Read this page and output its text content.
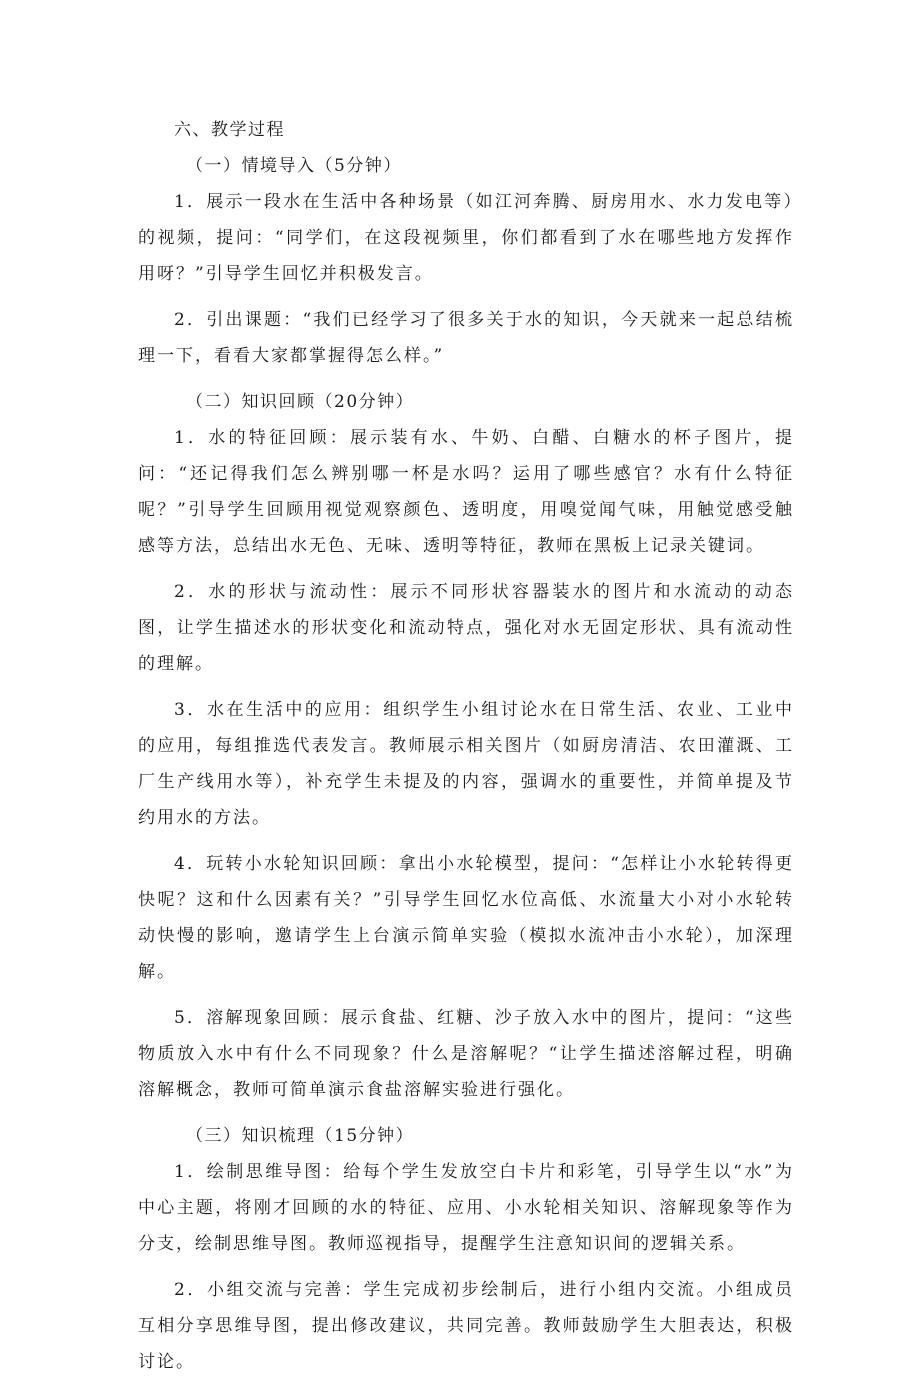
六、教学过程
（一）情境导入（5分钟）

1．展示一段水在生活中各种场景（如江河奔腾、厨房用水、水力发电等）的视频，提问：“同学们，在这段视频里，你们都看到了水在哪些地方发挥作用呀？”引导学生回忆并积极发言。

2．引出课题：“我们已经学习了很多关于水的知识，今天就来一起总结梳理一下，看看大家都掌握得怎么样。”

（二）知识回顾（20分钟）

1．水的特征回顾：展示装有水、牛奶、白醋、白糖水的杯子图片，提问：“还记得我们怎么辨别哪一杯是水吗？运用了哪些感官？水有什么特征呢？”引导学生回顾用视觉观察颜色、透明度，用嗅觉闻气味，用触觉感受触感等方法，总结出水无色、无味、透明等特征，教师在黑板上记录关键词。

2．水的形状与流动性：展示不同形状容器装水的图片和水流动的动态图，让学生描述水的形状变化和流动特点，强化对水无固定形状、具有流动性的理解。

3．水在生活中的应用：组织学生小组讨论水在日常生活、农业、工业中的应用，每组推选代表发言。教师展示相关图片（如厨房清洁、农田灌溉、工厂生产线用水等），补充学生未提及的内容，强调水的重要性，并简单提及节约用水的方法。

4．玩转小水轮知识回顾：拿出小水轮模型，提问：“怎样让小水轮转得更快呢？这和什么因素有关？”引导学生回忆水位高低、水流量大小对小水轮转动快慢的影响，邀请学生上台演示简单实验（模拟水流冲击小水轮），加深理解。

5．溶解现象回顾：展示食盐、红糖、沙子放入水中的图片，提问：“这些物质放入水中有什么不同现象？什么是溶解呢？“让学生描述溶解过程，明确溶解概念，教师可简单演示食盐溶解实验进行强化。

（三）知识梳理（15分钟）

1．绘制思维导图：给每个学生发放空白卡片和彩笔，引导学生以“水”为中心主题，将刚才回顾的水的特征、应用、小水轮相关知识、溶解现象等作为分支，绘制思维导图。教师巡视指导，提醒学生注意知识间的逻辑关系。

2．小组交流与完善：学生完成初步绘制后，进行小组内交流。小组成员互相分享思维导图，提出修改建议，共同完善。教师鼓励学生大胆表达，积极讨论。
